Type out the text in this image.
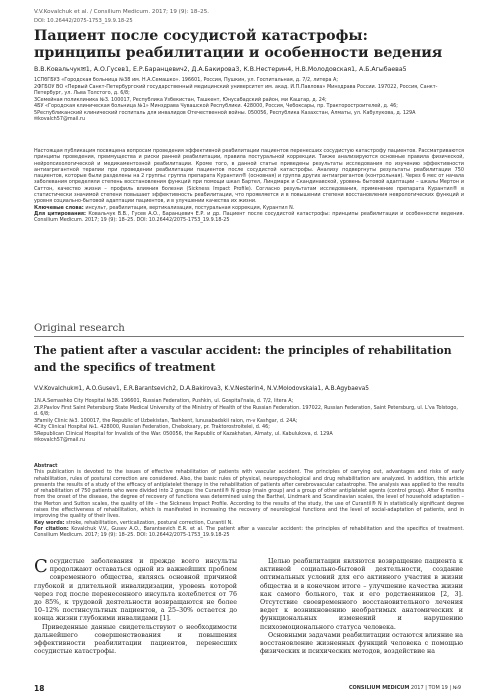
V.V.Kovalchuk et al. / Consilium Medicum. 2017; 19 (9): 18–25.
DOI: 10.26442/2075-1753_19.9.18-25
Пациент после сосудистой катастрофы:
принципы реабилитации и особенности ведения
В.В.Ковальчук✉1, А.О.Гусев1, Е.Р.Баранцевич2, Д.А.Бакирова3, К.В.Нестерин4, Н.В.Молодовская1, А.Б.Агыбаева5

1СПбГБУЗ «Городская больница №38 им. Н.А.Семашко». 196601, Россия, Пушкин, ул. Госпитальная, д. 7/2, литера А;

2ФГБОУ ВО «Первый Санкт-Петербургский государственный медицинский университет им. акад. И.П.Павлова» Минздрава России. 197022, Россия, Санкт-Петербург, ул. Льва Толстого, д. 6/8;

3Семейная поликлиника №3. 100017, Республика Узбекистан, Ташкент, Юнусабадский район, ми Кашгар, д. 24;

4БУ «Городская клиническая больница №1» Минздрава Чувашской Республики. 428000, Россия, Чебоксары, пр. Тракторостроителей, д. 46;

5Республиканский клинический госпиталь для инвалидов Отечественной войны. 050056, Республика Казахстан, Алматы, ул. Кабулукова, д. 129А

✉kovalch57@mail.ru

Настоящая публикация посвящена вопросам проведения эффективной реабилитации пациентов перенесших сосудистую катастрофу пациентов. Рассматриваются принципы проведения, преимущества и риски ранней реабилитации, правила постуральной коррекции. Также анализируются основные правила физической, нейропсихологической и медикаментозной реабилитации. Кроме того, в данной статье приведены результаты исследования по изучению эффективности антиагрегантной терапии при проведении реабилитации пациентов после сосудистой катастрофы. Анализу подвергнуты результаты реабилитации 750 пациентов, которые были разделены на 2 группы: группа препарата Курантил® (основная) и группа других антиагрегантов (контрольная). Через 6 мес от начала заболевания определяли степень восстановления функций при помощи шкал Бартел, Линдмарк и Скандинавской, уровень бытовой адаптации – шкалы Мертон и Саттон, качество жизни – профиль влияния болезни (Sickness Impact Profile). Согласно результатам исследования, применение препарата Курантил® в статистически значимой степени повышает эффективность реабилитации, что проявляется и в повышении степени восстановления неврологических функций и уровня социально-бытовой адаптации пациентов, и в улучшении качества их жизни.

Ключевые слова: инсульт, реабилитация, вертикализация, постуральная коррекция, Курантил N.

Для цитирования: Ковальчук В.В., Гусев А.О., Баранцевич Е.Р. и др. Пациент после сосудистой катастрофы: принципы реабилитации и особенности ведения. Consilium Medicum. 2017; 19 (9): 18–25. DOI: 10.26442/2075-1753_19.9.18-25

Original research
The patient after a vascular accident: the principles of rehabilitation
and the specifics of treatment
V.V.Kovalchuk✉1, A.O.Gusev1, E.R.Barantsevich2, D.A.Bakirova3, K.V.Nesterin4, N.V.Molodovskaia1, A.B.Agybaeva5

1N.A.Semashko City Hospital №38. 196601, Russian Federation, Pushkin, ul. Gospital'naia, d. 7/2, litera A;

2I.P.Pavlov First Saint Petersburg State Medical University of the Ministry of Health of the Russian Federation. 197022, Russian Federation, Saint Petersburg, ul. L'va Tolstogo, d. 6/8;

3Family Clinic №3. 100017, the Republic of Uzbekistan, Tashkent, Iunusabadskii raion, m-v Kashgar, d. 24A;

4City Clinical Hospital №1. 428000, Russian Federation, Cheboksary, pr. Traktorostroitelei, d. 46;

5Republican Clinical Hospital for Invalids of the War. 050056, the Republic of Kazakhstan, Almaty, ul. Kabulukova, d. 129A

✉kovalch57@mail.ru

Abstract

This publication is devoted to the issues of effective rehabilitation of patients with vascular accident. The principles of carrying out, advantages and risks of early rehabilitation, rules of postural correction are considered. Also, the basic rules of physical, neuropsychological and drug rehabilitation are analyzed. In addition, this article presents the results of a study of the efficacy of antiplatelet therapy in the rehabilitation of patients after cerebrovascular catastrophe. The analysis was applied to the results of rehabilitation of 750 patients who were divided into 2 groups: the Curantil® N group (main group) and a group of other antiplatelet agents (control group). After 6 months from the onset of the disease, the degree of recovery of functions was determined using the Barthel, Lindmark and Scandinavian scales, the level of household adaptation – the Merton and Sutton scales, the quality of life – the Sickness Impact Profile. According to the results of the study, the use of Curantil® N in statistically significant degree raises the effectiveness of rehabilitation, which is manifested in increasing the recovery of neurological functions and the level of social-adaptation of patients, and in improving the quality of their lives.

Key words: stroke, rehabilitation, verticalization, postural correction, Curantil N.

For citation: Kovalchuk V.V., Gusev A.O., Barantsevich E.R. et al. The patient after a vascular accident: the principles of rehabilitation and the specifics of treatment. Consilium Medicum. 2017; 19 (9): 18–25. DOI: 10.26442/2075-1753_19.9.18-25

Сосудистые заболевания и прежде всего инсульты продолжают оставаться одной из важнейших проблем современного общества, являясь основной причиной глубокой и длительной инвалидизации, уровень которой через год после перенесенного инсульта колеблется от 76 до 85%, к трудовой деятельности возвращаются не более 10–12% постинсультных пациентов, а 25–30% остается до конца жизни глубокими инвалидами [1].

Приведенные данные свидетельствуют о необходимости дальнейшего совершенствования и повышения эффективности реабилитации пациентов, перенесших сосудистые катастрофы.

Целью реабилитации являются возвращение пациента к активной социально-бытовой деятельности, создание оптимальных условий для его активного участия в жизни общества и в конечном итоге – улучшение качества жизни как самого больного, так и его родственников [2, 3]. Отсутствие своевременного восстановительного лечения ведет к возникновению необратимых анатомических и функциональных изменений и нарушению психоэмоционального статуса человека.

Основными задачами реабилитации остаются влияние на восстановление жизненных функций человека с помощью физических и психических методов, воздействие на

18	CONSILIUM MEDICUM 2017 | ТОМ 19 | №9
